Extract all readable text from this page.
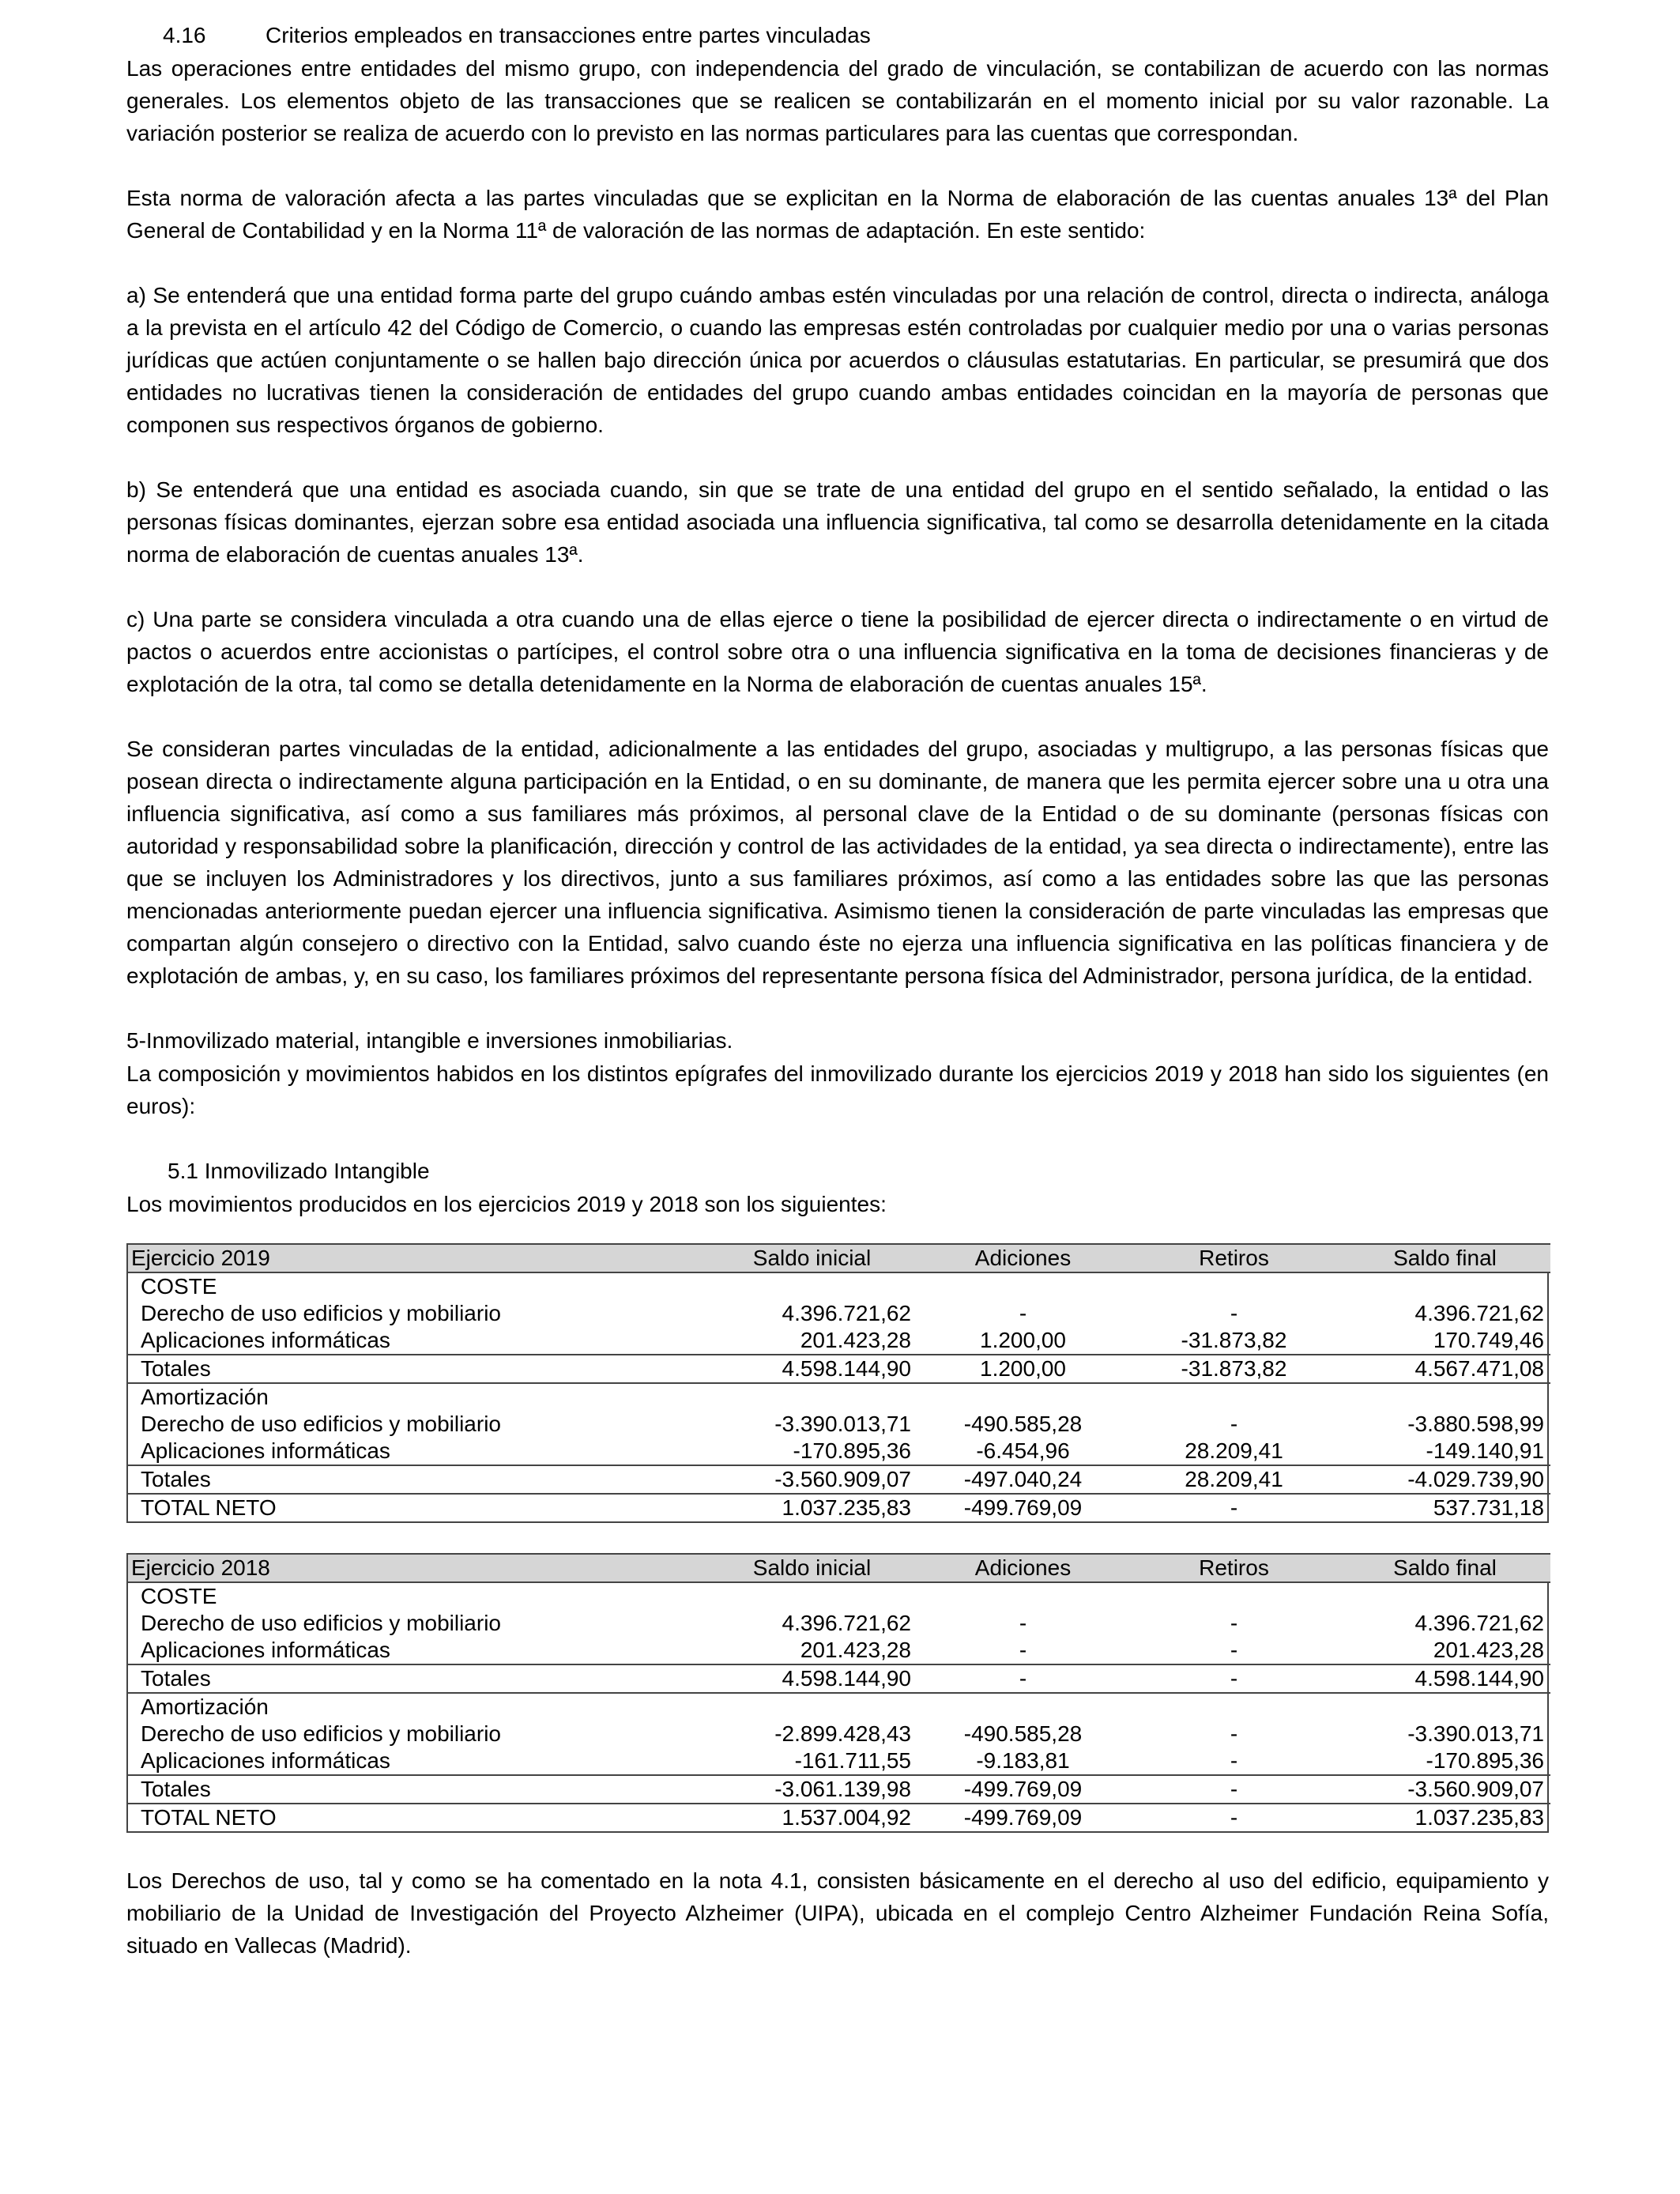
4.16	Criterios empleados en transacciones entre partes vinculadas

Las operaciones entre entidades del mismo grupo, con independencia del grado de vinculación, se contabilizan de acuerdo con las normas generales. Los elementos objeto de las transacciones que se realicen se contabilizarán en el momento inicial por su valor razonable. La variación posterior se realiza de acuerdo con lo previsto en las normas particulares para las cuentas que correspondan.

Esta norma de valoración afecta a las partes vinculadas que se explicitan en la Norma de elaboración de las cuentas anuales 13ª del Plan General de Contabilidad y en la Norma 11ª de valoración de las normas de adaptación. En este sentido:

a) Se entenderá que una entidad forma parte del grupo cuándo ambas estén vinculadas por una relación de control, directa o indirecta, análoga a la prevista en el artículo 42 del Código de Comercio, o cuando las empresas estén controladas por cualquier medio por una o varias personas jurídicas que actúen conjuntamente o se hallen bajo dirección única por acuerdos o cláusulas estatutarias. En particular, se presumirá que dos entidades no lucrativas tienen la consideración de entidades del grupo cuando ambas entidades coincidan en la mayoría de personas que componen sus respectivos órganos de gobierno.

b) Se entenderá que una entidad es asociada cuando, sin que se trate de una entidad del grupo en el sentido señalado, la entidad o las personas físicas dominantes, ejerzan sobre esa entidad asociada una influencia significativa, tal como se desarrolla detenidamente en la citada norma de elaboración de cuentas anuales 13ª.

c) Una parte se considera vinculada a otra cuando una de ellas ejerce o tiene la posibilidad de ejercer directa o indirectamente o en virtud de pactos o acuerdos entre accionistas o partícipes, el control sobre otra o una influencia significativa en la toma de decisiones financieras y de explotación de la otra, tal como se detalla detenidamente en la Norma de elaboración de cuentas anuales 15ª.

Se consideran partes vinculadas de la entidad, adicionalmente a las entidades del grupo, asociadas y multigrupo, a las personas físicas que posean directa o indirectamente alguna participación en la Entidad, o en su dominante, de manera que les permita ejercer sobre una u otra una influencia significativa, así como a sus familiares más próximos, al personal clave de la Entidad o de su dominante (personas físicas con autoridad y responsabilidad sobre la planificación, dirección y control de las actividades de la entidad, ya sea directa o indirectamente), entre las que se incluyen los Administradores y los directivos, junto a sus familiares próximos, así como a las entidades sobre las que las personas mencionadas anteriormente puedan ejercer una influencia significativa. Asimismo tienen la consideración de parte vinculadas las empresas que compartan algún consejero o directivo con la Entidad, salvo cuando éste no ejerza una influencia significativa en las políticas financiera y de explotación de ambas, y, en su caso, los familiares próximos del representante persona física del Administrador, persona jurídica, de la entidad.

5-Inmovilizado material, intangible e inversiones inmobiliarias.

La composición y movimientos habidos en los distintos epígrafes del inmovilizado durante los ejercicios 2019 y 2018 han sido los siguientes (en euros):

5.1 Inmovilizado Intangible
Los movimientos producidos en los ejercicios 2019 y 2018 son los siguientes:
Ejercicio 2019	Saldo inicial	Adiciones	Retiros	Saldo final
COSTE				
Derecho de uso edificios y mobiliario	4.396.721,62	-	-	4.396.721,62
Aplicaciones informáticas	201.423,28	1.200,00	-31.873,82	170.749,46
Totales	4.598.144,90	1.200,00	-31.873,82	4.567.471,08
Amortización				
Derecho de uso edificios y mobiliario	-3.390.013,71	-490.585,28	-	-3.880.598,99
Aplicaciones informáticas	-170.895,36	-6.454,96	28.209,41	-149.140,91
Totales	-3.560.909,07	-497.040,24	28.209,41	-4.029.739,90
TOTAL NETO	1.037.235,83	-499.769,09	-	537.731,18
Ejercicio 2018	Saldo inicial	Adiciones	Retiros	Saldo final
COSTE				
Derecho de uso edificios y mobiliario	4.396.721,62	-	-	4.396.721,62
Aplicaciones informáticas	201.423,28	-	-	201.423,28
Totales	4.598.144,90	-	-	4.598.144,90
Amortización				
Derecho de uso edificios y mobiliario	-2.899.428,43	-490.585,28	-	-3.390.013,71
Aplicaciones informáticas	-161.711,55	-9.183,81	-	-170.895,36
Totales	-3.061.139,98	-499.769,09	-	-3.560.909,07
TOTAL NETO	1.537.004,92	-499.769,09	-	1.037.235,83

Los Derechos de uso, tal y como se ha comentado en la nota 4.1, consisten básicamente en el derecho al uso del edificio, equipamiento y mobiliario de la Unidad de Investigación del Proyecto Alzheimer (UIPA), ubicada en el complejo Centro Alzheimer Fundación Reina Sofía, situado en Vallecas (Madrid).
